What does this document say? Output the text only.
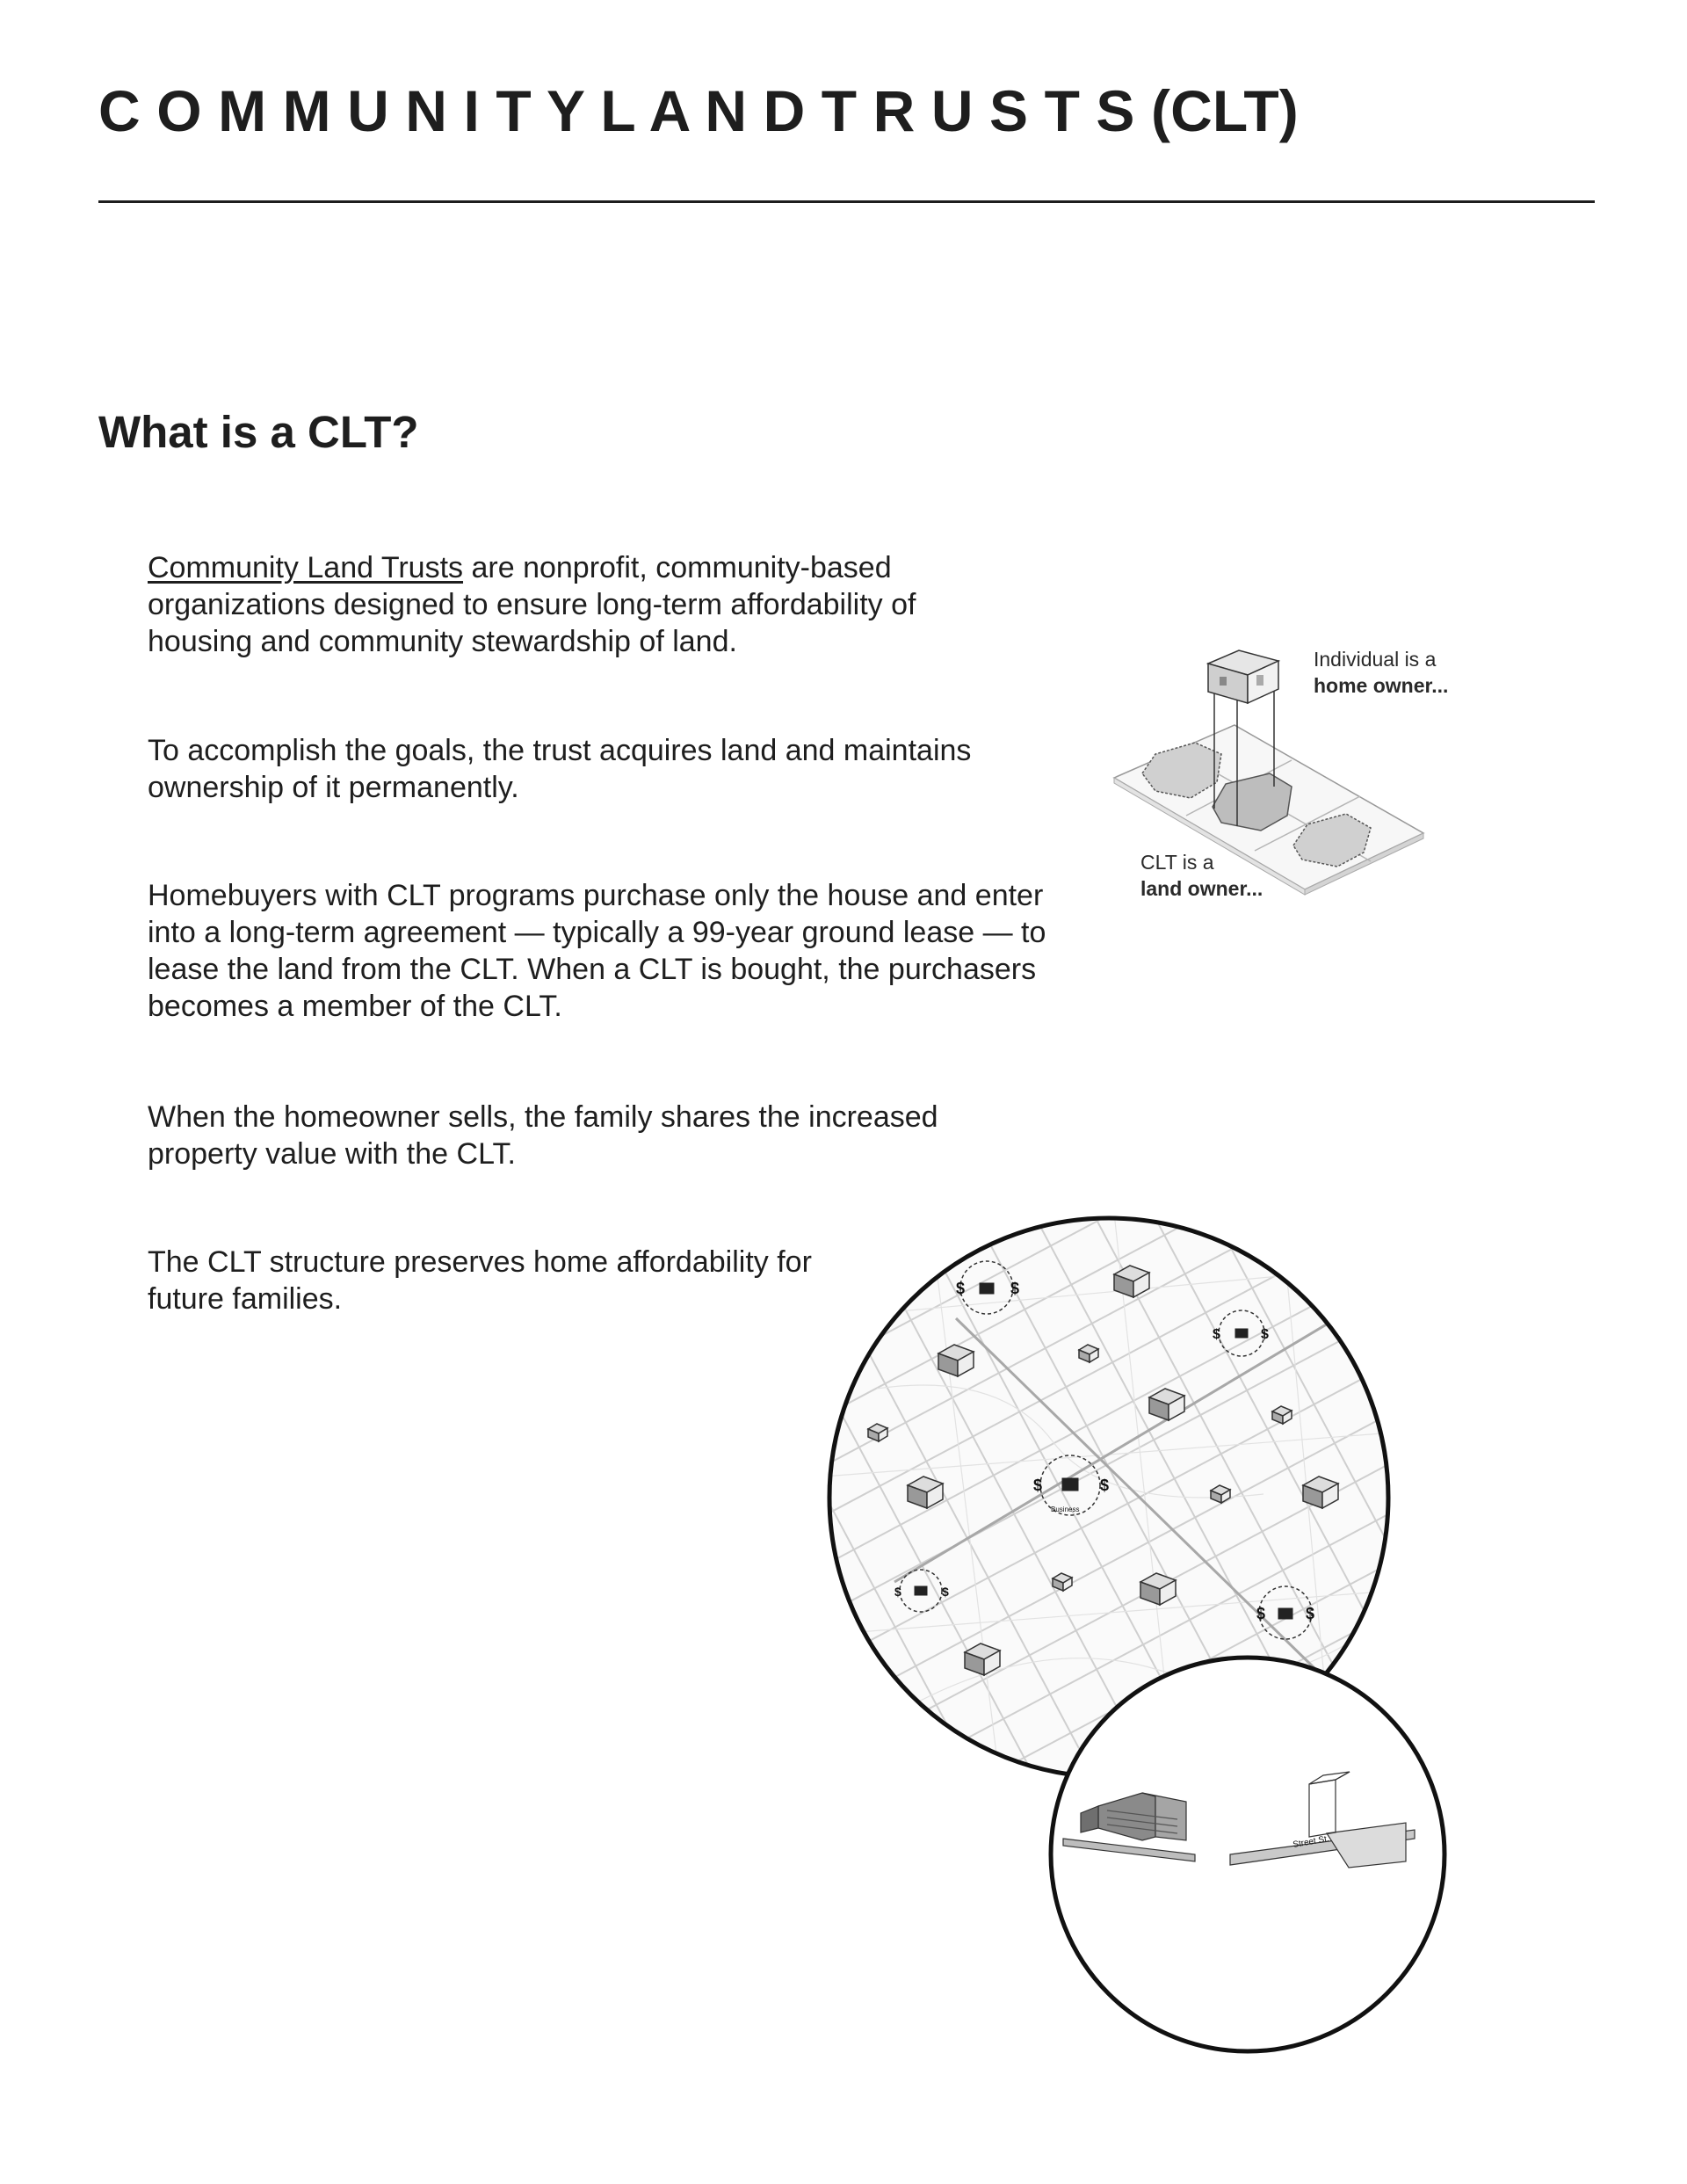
C O M M U N I T Y L A N D T R U S T S (CLT)
What is a CLT?

Community Land Trusts are nonprofit, community-based organizations designed to ensure long-term affordability of housing and community stewardship of land.

To accomplish the goals, the trust acquires land and maintains ownership of it permanently.

Homebuyers with CLT programs purchase only the house and enter into a long-term agreement — typically a 99-year ground lease — to lease the land from the CLT. When a CLT is bought, the purchasers becomes a member of the CLT.

When the homeowner sells, the family shares the increased property value with the CLT.

The CLT structure preserves home affordability for future families.

Individual is a
home owner...

CLT is a
land owner...

$	$
$	$
$	$
Business
$	$
$	$
Street St.
